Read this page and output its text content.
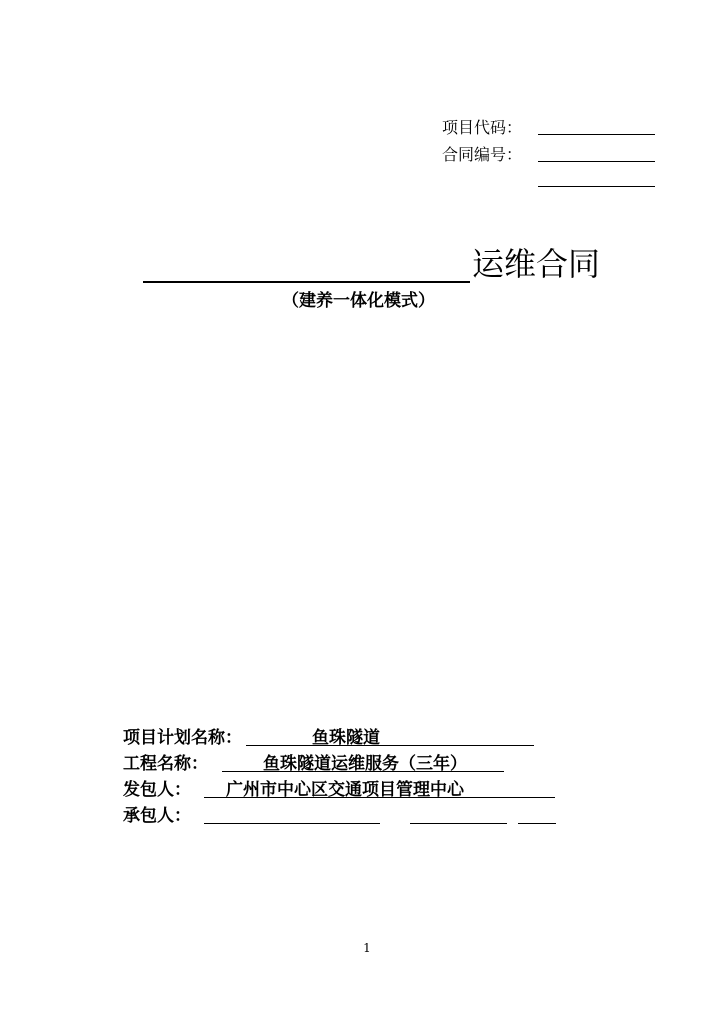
项目代码：
合同编号：
运维合同
（建养一体化模式）
项目计划名称：	鱼珠隧道
工程名称：	鱼珠隧道运维服务（三年）
发包人： 广州市中心区交通项目管理中心
承包人：
1
